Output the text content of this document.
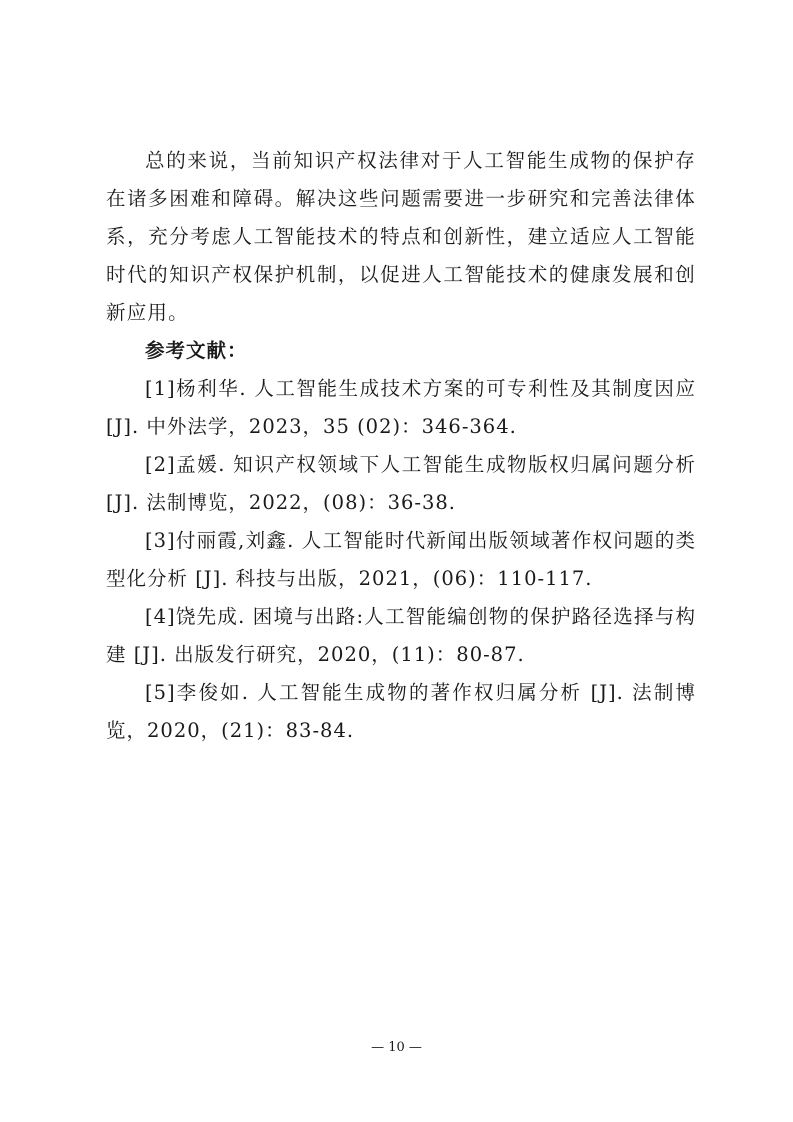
总的来说，当前知识产权法律对于人工智能生成物的保护存在诸多困难和障碍。解决这些问题需要进一步研究和完善法律体系，充分考虑人工智能技术的特点和创新性，建立适应人工智能时代的知识产权保护机制，以促进人工智能技术的健康发展和创新应用。

参考文献：

[1]杨利华. 人工智能生成技术方案的可专利性及其制度因应 [J]. 中外法学，2023，35 (02)：346-364.

[2]孟媛. 知识产权领域下人工智能生成物版权归属问题分析 [J]. 法制博览，2022，(08)：36-38.

[3]付丽霞,刘鑫. 人工智能时代新闻出版领域著作权问题的类型化分析 [J]. 科技与出版，2021，(06)：110-117.

[4]饶先成. 困境与出路:人工智能编创物的保护路径选择与构建 [J]. 出版发行研究，2020，(11)：80-87.

[5]李俊如. 人工智能生成物的著作权归属分析 [J]. 法制博览，2020，(21)：83-84.

— 10 —
